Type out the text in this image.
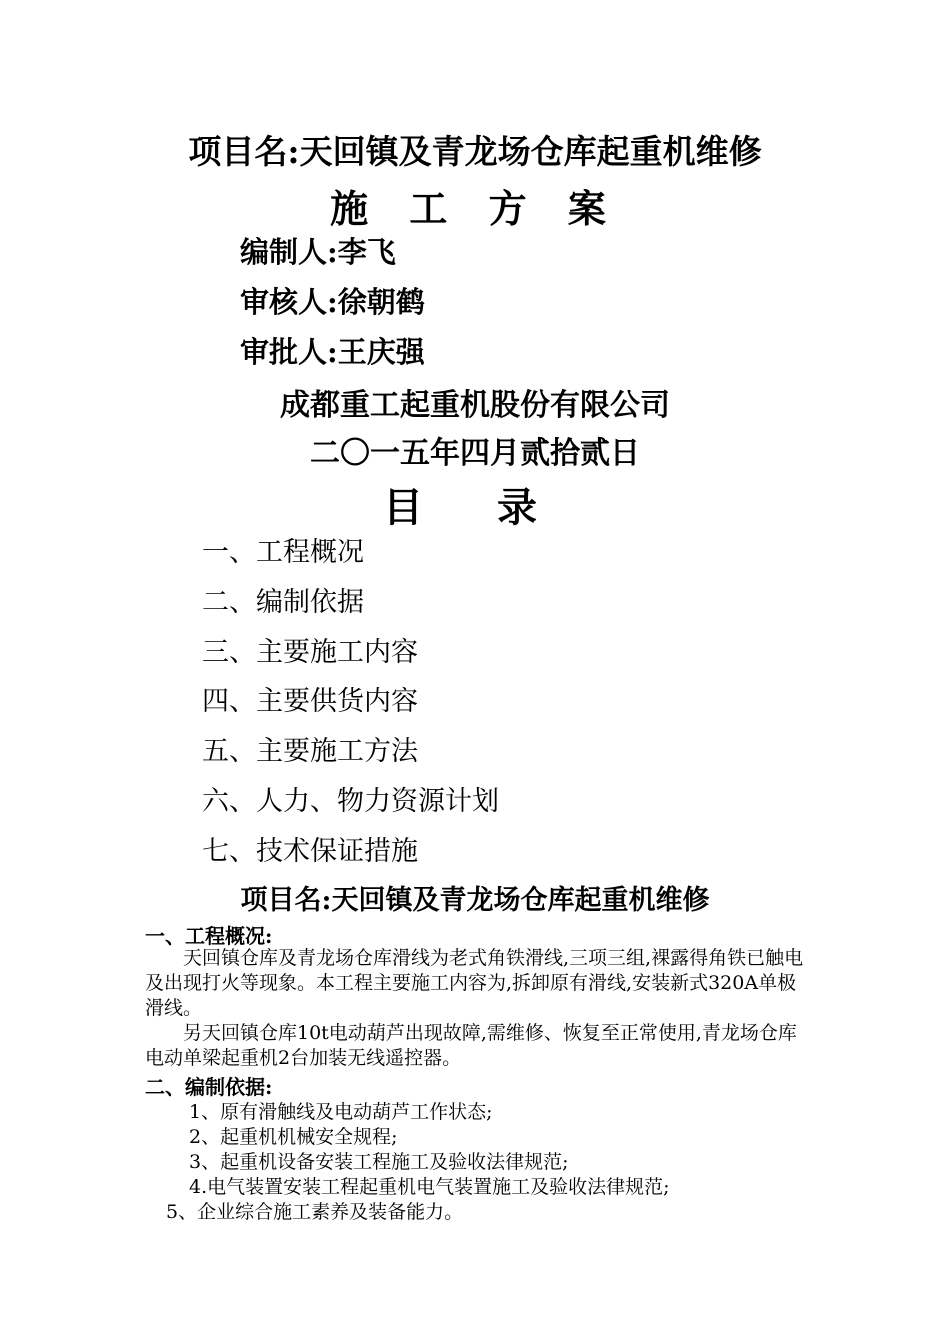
项目名:天回镇及青龙场仓库起重机维修
施 工 方 案
编制人:李飞
审核人:徐朝鹤
审批人:王庆强
成都重工起重机股份有限公司
二〇一五年四月贰拾贰日
目 录
一、工程概况
二、编制依据
三、主要施工内容
四、主要供货内容
五、主要施工方法
六、人力、物力资源计划
七、技术保证措施
项目名:天回镇及青龙场仓库起重机维修
一、工程概况:
天回镇仓库及青龙场仓库滑线为老式角铁滑线,三项三组,裸露得角铁已触电及出现打火等现象。本工程主要施工内容为,拆卸原有滑线,安装新式320A单极滑线。
另天回镇仓库10t电动葫芦出现故障,需维修、恢复至正常使用,青龙场仓库电动单梁起重机2台加装无线遥控器。
二、编制依据:
1、原有滑触线及电动葫芦工作状态;
2、起重机机械安全规程;
3、起重机设备安装工程施工及验收法律规范;
4.电气装置安装工程起重机电气装置施工及验收法律规范;
5、企业综合施工素养及装备能力。
